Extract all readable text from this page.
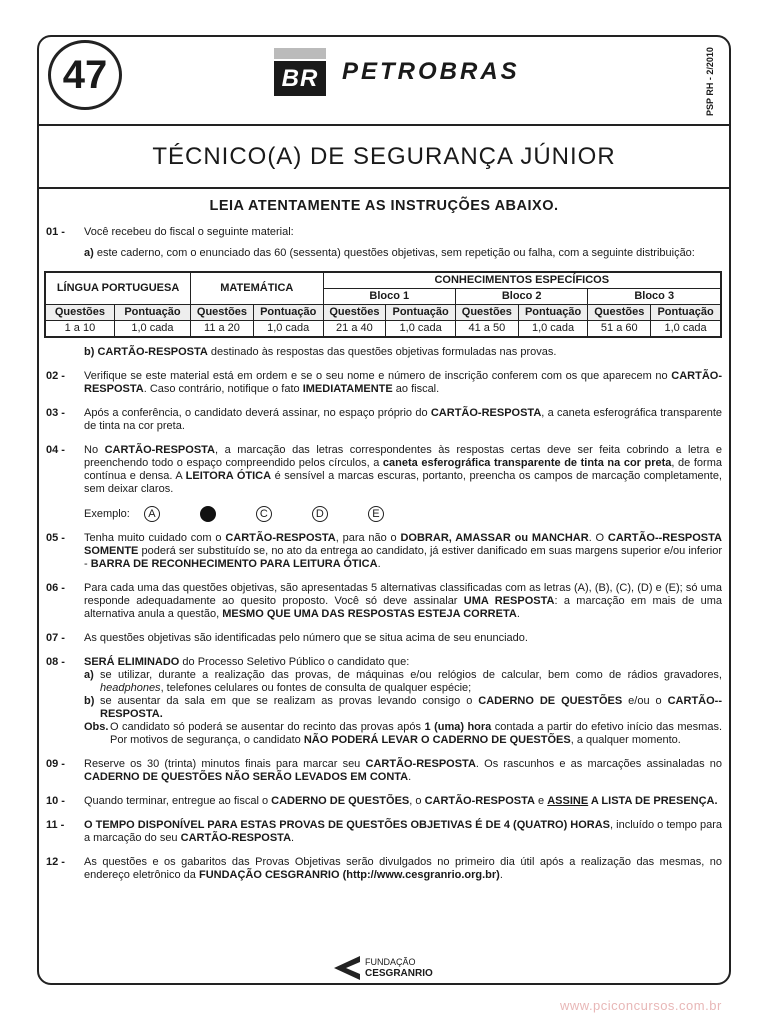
47	BR PETROBRAS	PSP RH - 2/2010
TÉCNICO(A) DE SEGURANÇA JÚNIOR
LEIA ATENTAMENTE AS INSTRUÇÕES ABAIXO.
01 -	Você recebeu do fiscal o seguinte material:
a) este caderno, com o enunciado das 60 (sessenta) questões objetivas, sem repetição ou falha, com a seguinte distribuição:
LÍNGUA PORTUGUESA		MATEMÁTICA		CONHECIMENTOS ESPECÍFICOS					
				Bloco 1		Bloco 2		Bloco 3	
Questões	Pontuação	Questões	Pontuação	Questões	Pontuação	Questões	Pontuação	Questões	Pontuação
1 a 10	1,0 cada	11 a 20	1,0 cada	21 a 40	1,0 cada	41 a 50	1,0 cada	51 a 60	1,0 cada
b) CARTÃO-RESPOSTA destinado às respostas das questões objetivas formuladas nas provas.
02 -	Verifique se este material está em ordem e se o seu nome e número de inscrição conferem com os que aparecem no CARTÃO-RESPOSTA. Caso contrário, notifique o fato IMEDIATAMENTE ao fiscal.
03 -	Após a conferência, o candidato deverá assinar, no espaço próprio do CARTÃO-RESPOSTA, a caneta esferográfica transparente de tinta na cor preta.
04 -	No CARTÃO-RESPOSTA, a marcação das letras correspondentes às respostas certas deve ser feita cobrindo a letra e preenchendo todo o espaço compreendido pelos círculos, a caneta esferográfica transparente de tinta na cor preta, de forma contínua e densa. A LEITORA ÓTICA é sensível a marcas escuras, portanto, preencha os campos de marcação completamente, sem deixar claros.
Exemplo:	A	C	D	E
05 -	Tenha muito cuidado com o CARTÃO-RESPOSTA, para não o DOBRAR, AMASSAR ou MANCHAR. O CARTÃO--RESPOSTA SOMENTE poderá ser substituído se, no ato da entrega ao candidato, já estiver danificado em suas margens superior e/ou inferior - BARRA DE RECONHECIMENTO PARA LEITURA ÓTICA.
06 -	Para cada uma das questões objetivas, são apresentadas 5 alternativas classificadas com as letras (A), (B), (C), (D) e (E); só uma responde adequadamente ao quesito proposto. Você só deve assinalar UMA RESPOSTA: a marcação em mais de uma alternativa anula a questão, MESMO QUE UMA DAS RESPOSTAS ESTEJA CORRETA.
07 -	As questões objetivas são identificadas pelo número que se situa acima de seu enunciado.
08 -	SERÁ ELIMINADO do Processo Seletivo Público o candidato que:
a) se utilizar, durante a realização das provas, de máquinas e/ou relógios de calcular, bem como de rádios gravadores, headphones, telefones celulares ou fontes de consulta de qualquer espécie;
b) se ausentar da sala em que se realizam as provas levando consigo o CADERNO DE QUESTÕES e/ou o CARTÃO--RESPOSTA.
Obs. O candidato só poderá se ausentar do recinto das provas após 1 (uma) hora contada a partir do efetivo início das mesmas. Por motivos de segurança, o candidato NÃO PODERÁ LEVAR O CADERNO DE QUESTÕES, a qualquer momento.
09 -	Reserve os 30 (trinta) minutos finais para marcar seu CARTÃO-RESPOSTA. Os rascunhos e as marcações assinaladas no CADERNO DE QUESTÕES NÃO SERÃO LEVADOS EM CONTA.
10 -	Quando terminar, entregue ao fiscal o CADERNO DE QUESTÕES, o CARTÃO-RESPOSTA e ASSINE A LISTA DE PRESENÇA.
11 -	O TEMPO DISPONÍVEL PARA ESTAS PROVAS DE QUESTÕES OBJETIVAS É DE 4 (QUATRO) HORAS, incluído o tempo para a marcação do seu CARTÃO-RESPOSTA.
12 -	As questões e os gabaritos das Provas Objetivas serão divulgados no primeiro dia útil após a realização das mesmas, no endereço eletrônico da FUNDAÇÃO CESGRANRIO (http://www.cesgranrio.org.br).
FUNDAÇÃO
CESGRANRIO
www.pciconcursos.com.br
